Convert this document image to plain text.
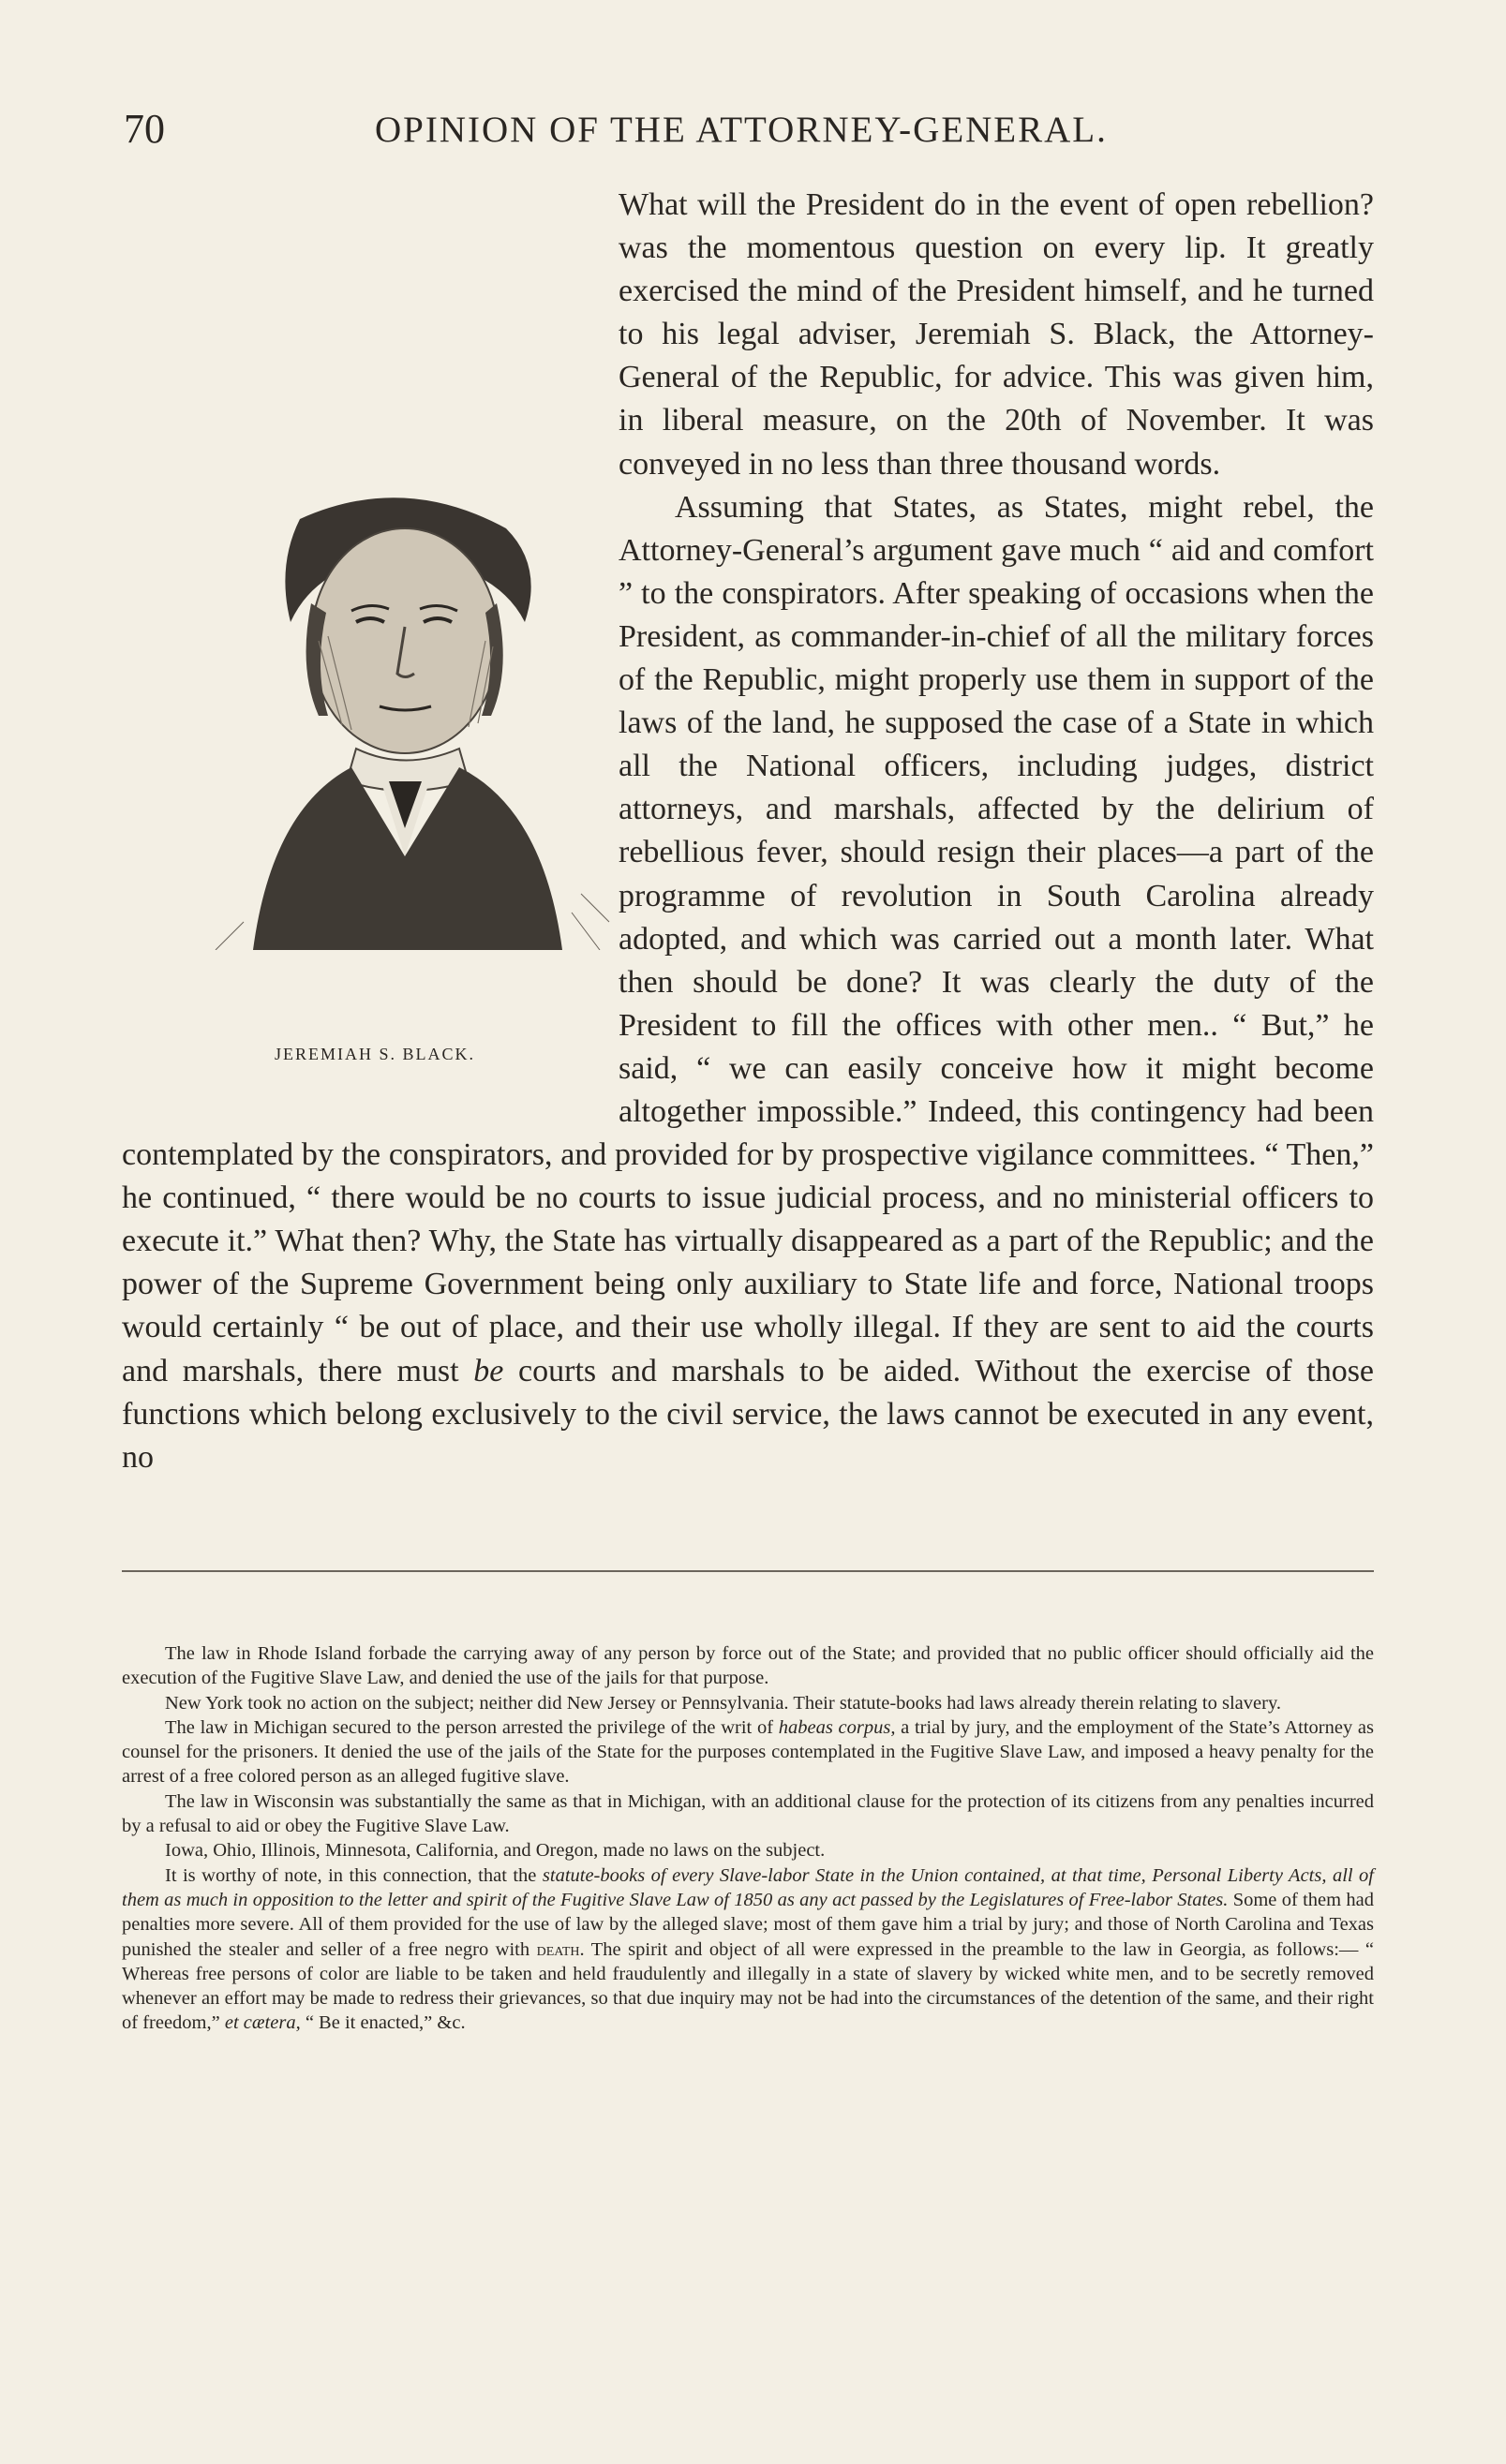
70	OPINION OF THE ATTORNEY-GENERAL.
JEREMIAH S. BLACK.

What will the President do in the event of open rebellion? was the momentous question on every lip. It greatly exercised the mind of the President himself, and he turned to his legal adviser, Jeremiah S. Black, the Attorney-General of the Republic, for advice. This was given him, in liberal measure, on the 20th of November. It was conveyed in no less than three thousand words.

Assuming that States, as States, might rebel, the Attorney-General’s argument gave much “ aid and comfort ” to the conspirators. After speaking of occasions when the President, as commander-in-chief of all the military forces of the Republic, might properly use them in support of the laws of the land, he supposed the case of a State in which all the National officers, including judges, district attorneys, and marshals, affected by the delirium of rebellious fever, should resign their places—a part of the programme of revolution in South Carolina already adopted, and which was carried out a month later. What then should be done? It was clearly the duty of the President to fill the offices with other men.. “ But,” he said, “ we can easily conceive how it might become altogether impossible.” Indeed, this contingency had been contemplated by the conspirators, and provided for by prospective vigilance committees. “ Then,” he continued, “ there would be no courts to issue judicial process, and no ministerial officers to execute it.” What then? Why, the State has virtually disappeared as a part of the Republic; and the power of the Supreme Government being only auxiliary to State life and force, National troops would certainly “ be out of place, and their use wholly illegal. If they are sent to aid the courts and marshals, there must be courts and marshals to be aided. Without the exercise of those functions which belong exclusively to the civil service, the laws cannot be executed in any event, no

The law in Rhode Island forbade the carrying away of any person by force out of the State; and provided that no public officer should officially aid the execution of the Fugitive Slave Law, and denied the use of the jails for that purpose.

New York took no action on the subject; neither did New Jersey or Pennsylvania. Their statute-books had laws already therein relating to slavery.

The law in Michigan secured to the person arrested the privilege of the writ of habeas corpus, a trial by jury, and the employment of the State’s Attorney as counsel for the prisoners. It denied the use of the jails of the State for the purposes contemplated in the Fugitive Slave Law, and imposed a heavy penalty for the arrest of a free colored person as an alleged fugitive slave.

The law in Wisconsin was substantially the same as that in Michigan, with an additional clause for the protection of its citizens from any penalties incurred by a refusal to aid or obey the Fugitive Slave Law.

Iowa, Ohio, Illinois, Minnesota, California, and Oregon, made no laws on the subject.

It is worthy of note, in this connection, that the statute-books of every Slave-labor State in the Union contained, at that time, Personal Liberty Acts, all of them as much in opposition to the letter and spirit of the Fugitive Slave Law of 1850 as any act passed by the Legislatures of Free-labor States. Some of them had penalties more severe. All of them provided for the use of law by the alleged slave; most of them gave him a trial by jury; and those of North Carolina and Texas punished the stealer and seller of a free negro with death. The spirit and object of all were expressed in the preamble to the law in Georgia, as follows:— “ Whereas free persons of color are liable to be taken and held fraudulently and illegally in a state of slavery by wicked white men, and to be secretly removed whenever an effort may be made to redress their grievances, so that due inquiry may not be had into the circumstances of the detention of the same, and their right of freedom,” et cætera, “ Be it enacted,” &c.
